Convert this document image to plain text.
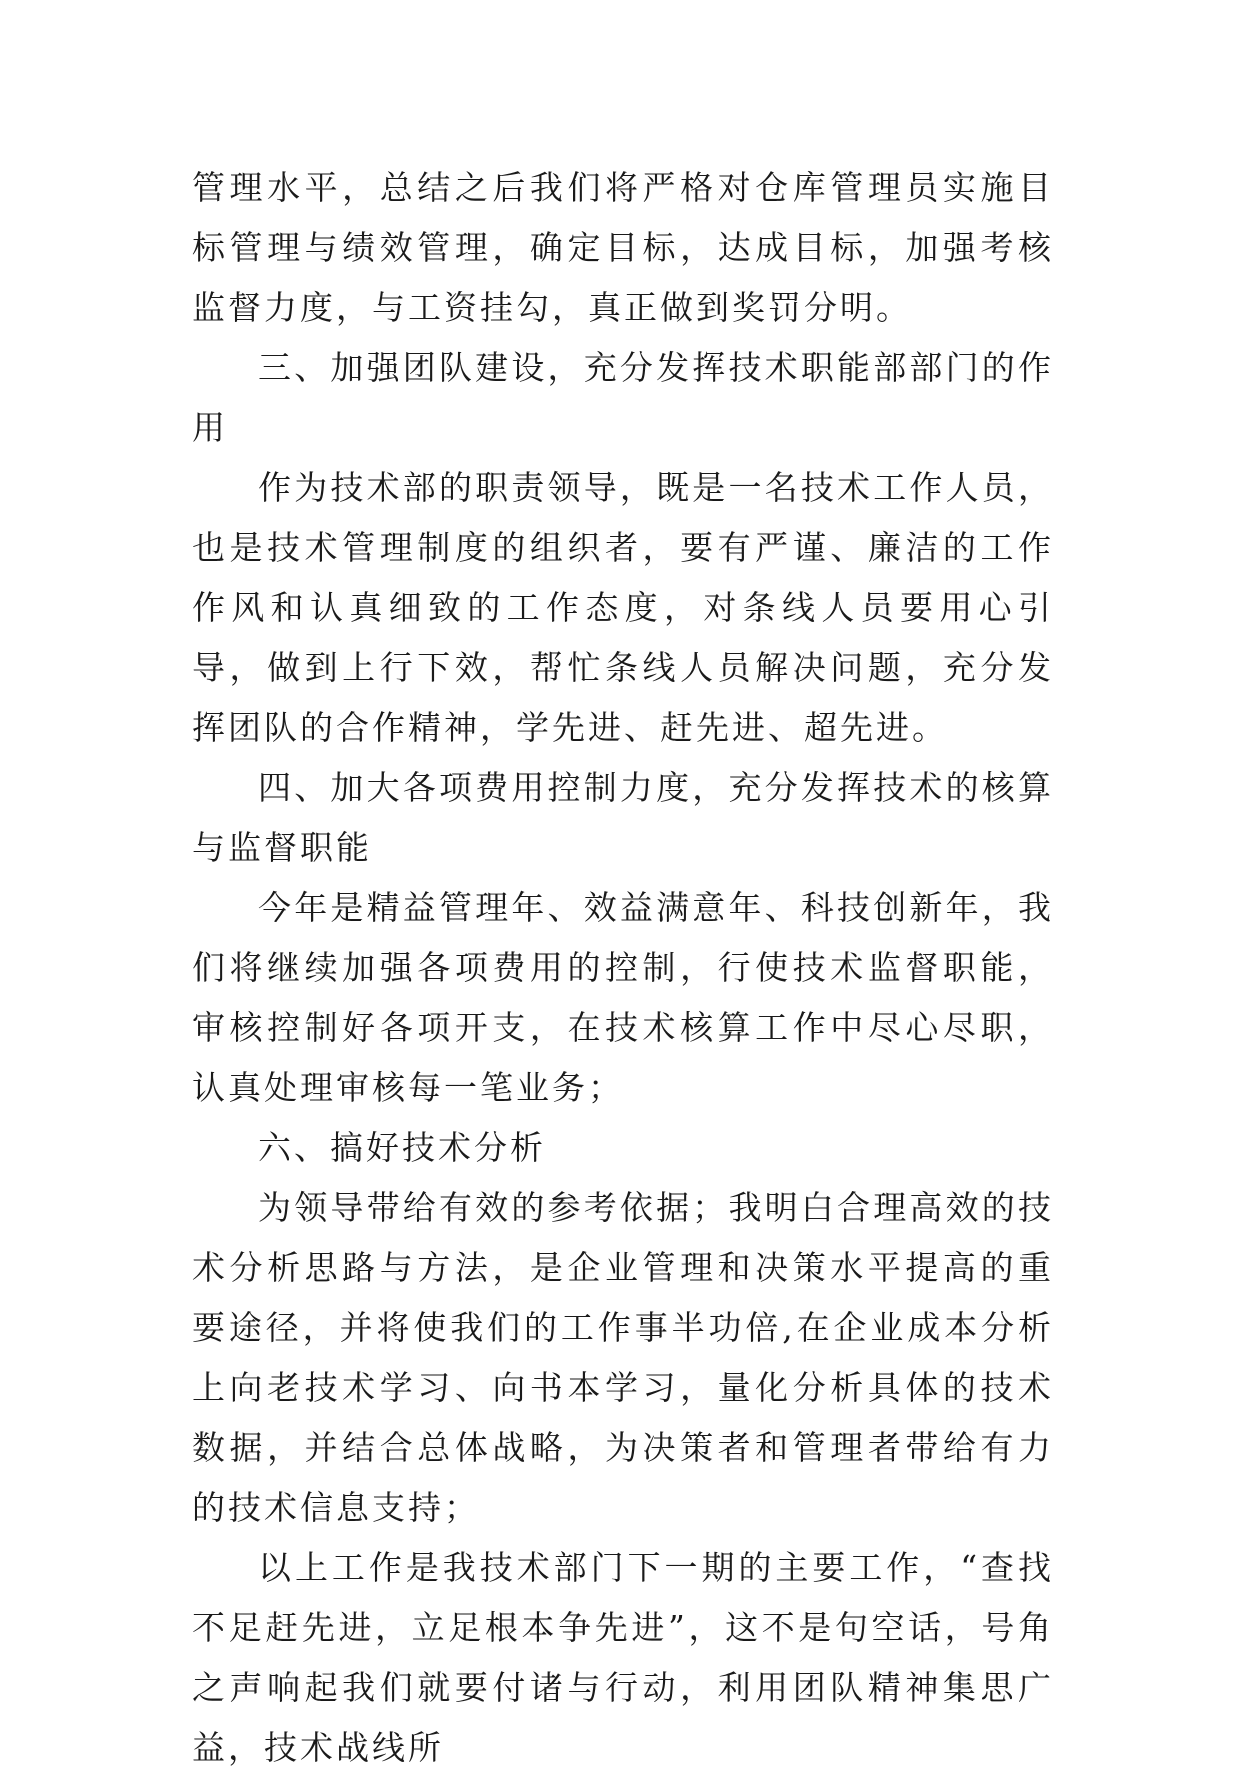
管理水平，总结之后我们将严格对仓库管理员实施目标管理与绩效管理，确定目标，达成目标，加强考核监督力度，与工资挂勾，真正做到奖罚分明。

三、加强团队建设，充分发挥技术职能部部门的作用

作为技术部的职责领导，既是一名技术工作人员，也是技术管理制度的组织者，要有严谨、廉洁的工作作风和认真细致的工作态度，对条线人员要用心引导，做到上行下效，帮忙条线人员解决问题，充分发挥团队的合作精神，学先进、赶先进、超先进。

四、加大各项费用控制力度，充分发挥技术的核算与监督职能

今年是精益管理年、效益满意年、科技创新年，我们将继续加强各项费用的控制，行使技术监督职能，审核控制好各项开支，在技术核算工作中尽心尽职，认真处理审核每一笔业务；

六、搞好技术分析

为领导带给有效的参考依据；我明白合理高效的技术分析思路与方法，是企业管理和决策水平提高的重要途径，并将使我们的工作事半功倍,在企业成本分析上向老技术学习、向书本学习，量化分析具体的技术数据，并结合总体战略，为决策者和管理者带给有力的技术信息支持；

以上工作是我技术部门下一期的主要工作，“查找不足赶先进，立足根本争先进”，这不是句空话，号角之声响起我们就要付诸与行动，利用团队精神集思广益，技术战线所
